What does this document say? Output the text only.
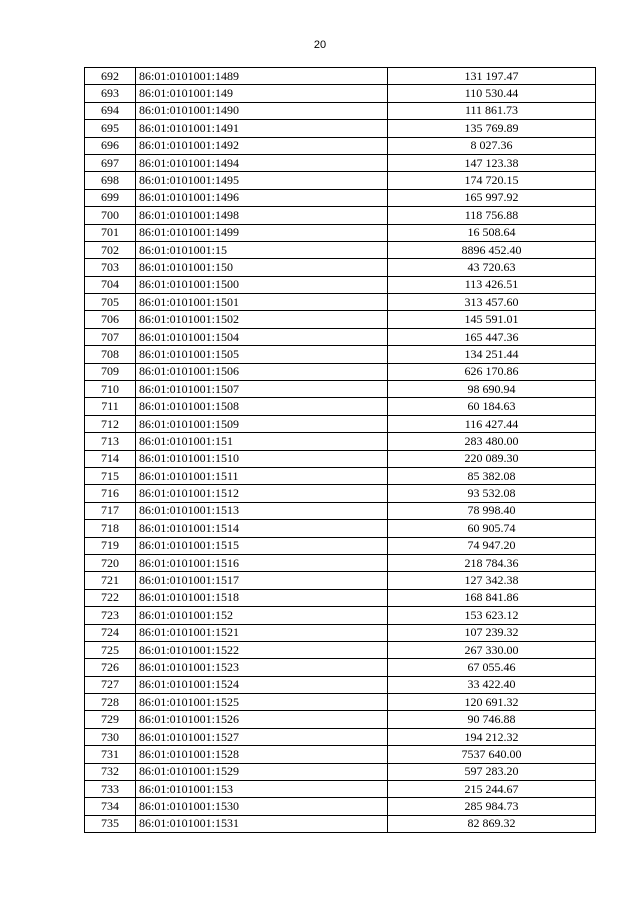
20
692	86:01:0101001:1489	131 197.47
693	86:01:0101001:149	110 530.44
694	86:01:0101001:1490	111 861.73
695	86:01:0101001:1491	135 769.89
696	86:01:0101001:1492	8 027.36
697	86:01:0101001:1494	147 123.38
698	86:01:0101001:1495	174 720.15
699	86:01:0101001:1496	165 997.92
700	86:01:0101001:1498	118 756.88
701	86:01:0101001:1499	16 508.64
702	86:01:0101001:15	8896 452.40
703	86:01:0101001:150	43 720.63
704	86:01:0101001:1500	113 426.51
705	86:01:0101001:1501	313 457.60
706	86:01:0101001:1502	145 591.01
707	86:01:0101001:1504	165 447.36
708	86:01:0101001:1505	134 251.44
709	86:01:0101001:1506	626 170.86
710	86:01:0101001:1507	98 690.94
711	86:01:0101001:1508	60 184.63
712	86:01:0101001:1509	116 427.44
713	86:01:0101001:151	283 480.00
714	86:01:0101001:1510	220 089.30
715	86:01:0101001:1511	85 382.08
716	86:01:0101001:1512	93 532.08
717	86:01:0101001:1513	78 998.40
718	86:01:0101001:1514	60 905.74
719	86:01:0101001:1515	74 947.20
720	86:01:0101001:1516	218 784.36
721	86:01:0101001:1517	127 342.38
722	86:01:0101001:1518	168 841.86
723	86:01:0101001:152	153 623.12
724	86:01:0101001:1521	107 239.32
725	86:01:0101001:1522	267 330.00
726	86:01:0101001:1523	67 055.46
727	86:01:0101001:1524	33 422.40
728	86:01:0101001:1525	120 691.32
729	86:01:0101001:1526	90 746.88
730	86:01:0101001:1527	194 212.32
731	86:01:0101001:1528	7537 640.00
732	86:01:0101001:1529	597 283.20
733	86:01:0101001:153	215 244.67
734	86:01:0101001:1530	285 984.73
735	86:01:0101001:1531	82 869.32
